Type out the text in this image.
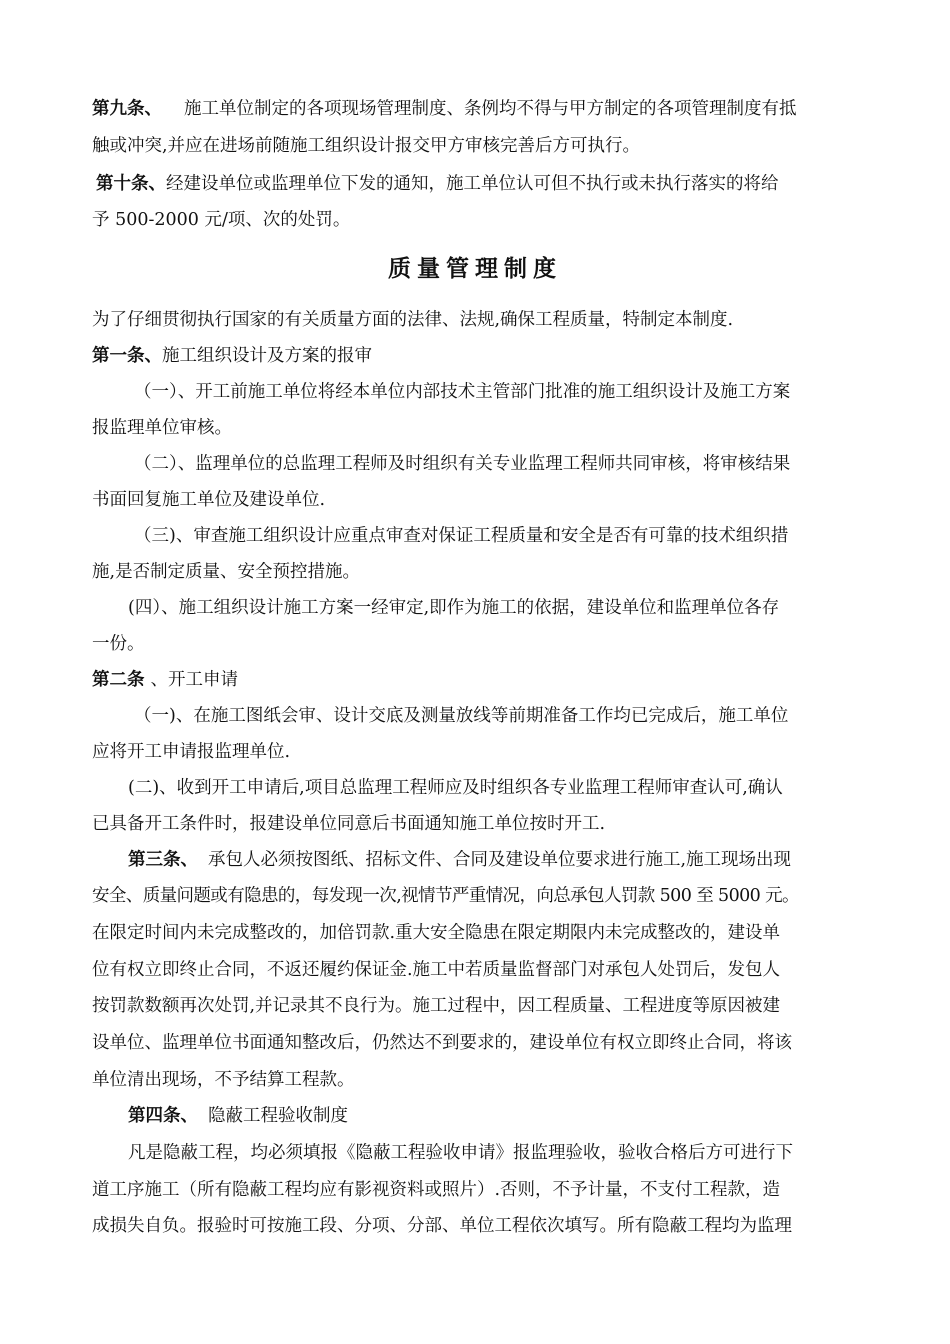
第九条、 施工单位制定的各项现场管理制度、条例均不得与甲方制定的各项管理制度有抵
触或冲突,并应在进场前随施工组织设计报交甲方审核完善后方可执行。
第十条、经建设单位或监理单位下发的通知，施工单位认可但不执行或未执行落实的将给
予 500-2000 元/项、次的处罚。
质量管理制度
为了仔细贯彻执行国家的有关质量方面的法律、法规,确保工程质量，特制定本制度.
第一条、施工组织设计及方案的报审
（一）、开工前施工单位将经本单位内部技术主管部门批准的施工组织设计及施工方案
报监理单位审核。
（二）、监理单位的总监理工程师及时组织有关专业监理工程师共同审核，将审核结果
书面回复施工单位及建设单位.
（三)、审查施工组织设计应重点审查对保证工程质量和安全是否有可靠的技术组织措
施,是否制定质量、安全预控措施。
(四）、施工组织设计施工方案一经审定,即作为施工的依据，建设单位和监理单位各存
一份。
第二条 、开工申请
（一)、在施工图纸会审、设计交底及测量放线等前期准备工作均已完成后，施工单位
应将开工申请报监理单位.
(二)、收到开工申请后,项目总监理工程师应及时组织各专业监理工程师审查认可,确认
已具备开工条件时，报建设单位同意后书面通知施工单位按时开工.
第三条、 承包人必须按图纸、招标文件、合同及建设单位要求进行施工,施工现场出现
安全、质量问题或有隐患的，每发现一次,视情节严重情况，向总承包人罚款 500 至 5000 元。
在限定时间内未完成整改的，加倍罚款.重大安全隐患在限定期限内未完成整改的，建设单
位有权立即终止合同，不返还履约保证金.施工中若质量监督部门对承包人处罚后，发包人
按罚款数额再次处罚,并记录其不良行为。施工过程中，因工程质量、工程进度等原因被建
设单位、监理单位书面通知整改后，仍然达不到要求的，建设单位有权立即终止合同，将该
单位清出现场，不予结算工程款。
第四条、 隐蔽工程验收制度
凡是隐蔽工程，均必须填报《隐蔽工程验收申请》报监理验收，验收合格后方可进行下
道工序施工（所有隐蔽工程均应有影视资料或照片）.否则，不予计量，不支付工程款，造
成损失自负。报验时可按施工段、分项、分部、单位工程依次填写。所有隐蔽工程均为监理
